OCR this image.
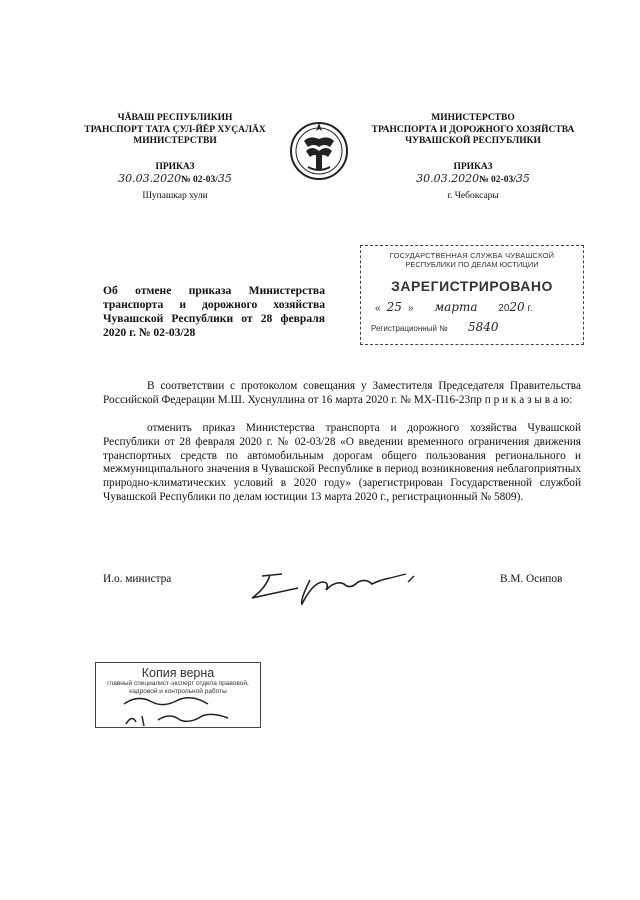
ЧĂВАШ РЕСПУБЛИКИН
ТРАНСПОРТ ТАТА ÇУЛ-ЙĔР ХУÇАЛĂХ
МИНИСТЕРСТВИ
ПРИКАЗ
30.03.2020№ 02-03/35
Шупашкар хули
МИНИСТЕРСТВО
ТРАНСПОРТА И ДОРОЖНОГО ХОЗЯЙСТВА
ЧУВАШСКОЙ РЕСПУБЛИКИ
ПРИКАЗ
30.03.2020№ 02-03/35
г. Чебоксары
ГОСУДАРСТВЕННАЯ СЛУЖБА ЧУВАШСКОЙ
РЕСПУБЛИКИ ПО ДЕЛАМ ЮСТИЦИИ
ЗАРЕГИСТРИРОВАНО
« 25 » марта 2020 г.
Регистрационный № 5840
Об отмене приказа Министерства транспорта и дорожного хозяйства Чувашской Республики от 28 февраля 2020 г. № 02-03/28
В соответствии с протоколом совещания у Заместителя Председателя Правительства Российской Федерации М.Ш. Хуснуллина от 16 марта 2020 г. № МХ-П16-23пр п р и к а з ы в а ю:
отменить приказ Министерства транспорта и дорожного хозяйства Чувашской Республики от 28 февраля 2020 г. № 02-03/28 «О введении временного ограничения движения транспортных средств по автомобильным дорогам общего пользования регионального и межмуниципального значения в Чувашской Республике в период возникновения неблагоприятных природно-климатических условий в 2020 году» (зарегистрирован Государственной службой Чувашской Республики по делам юстиции 13 марта 2020 г., регистрационный № 5809).
И.о. министра	В.М. Осипов
Копия верна
главный специалист-эксперт отдела правовой,
кадровой и контрольной работы
